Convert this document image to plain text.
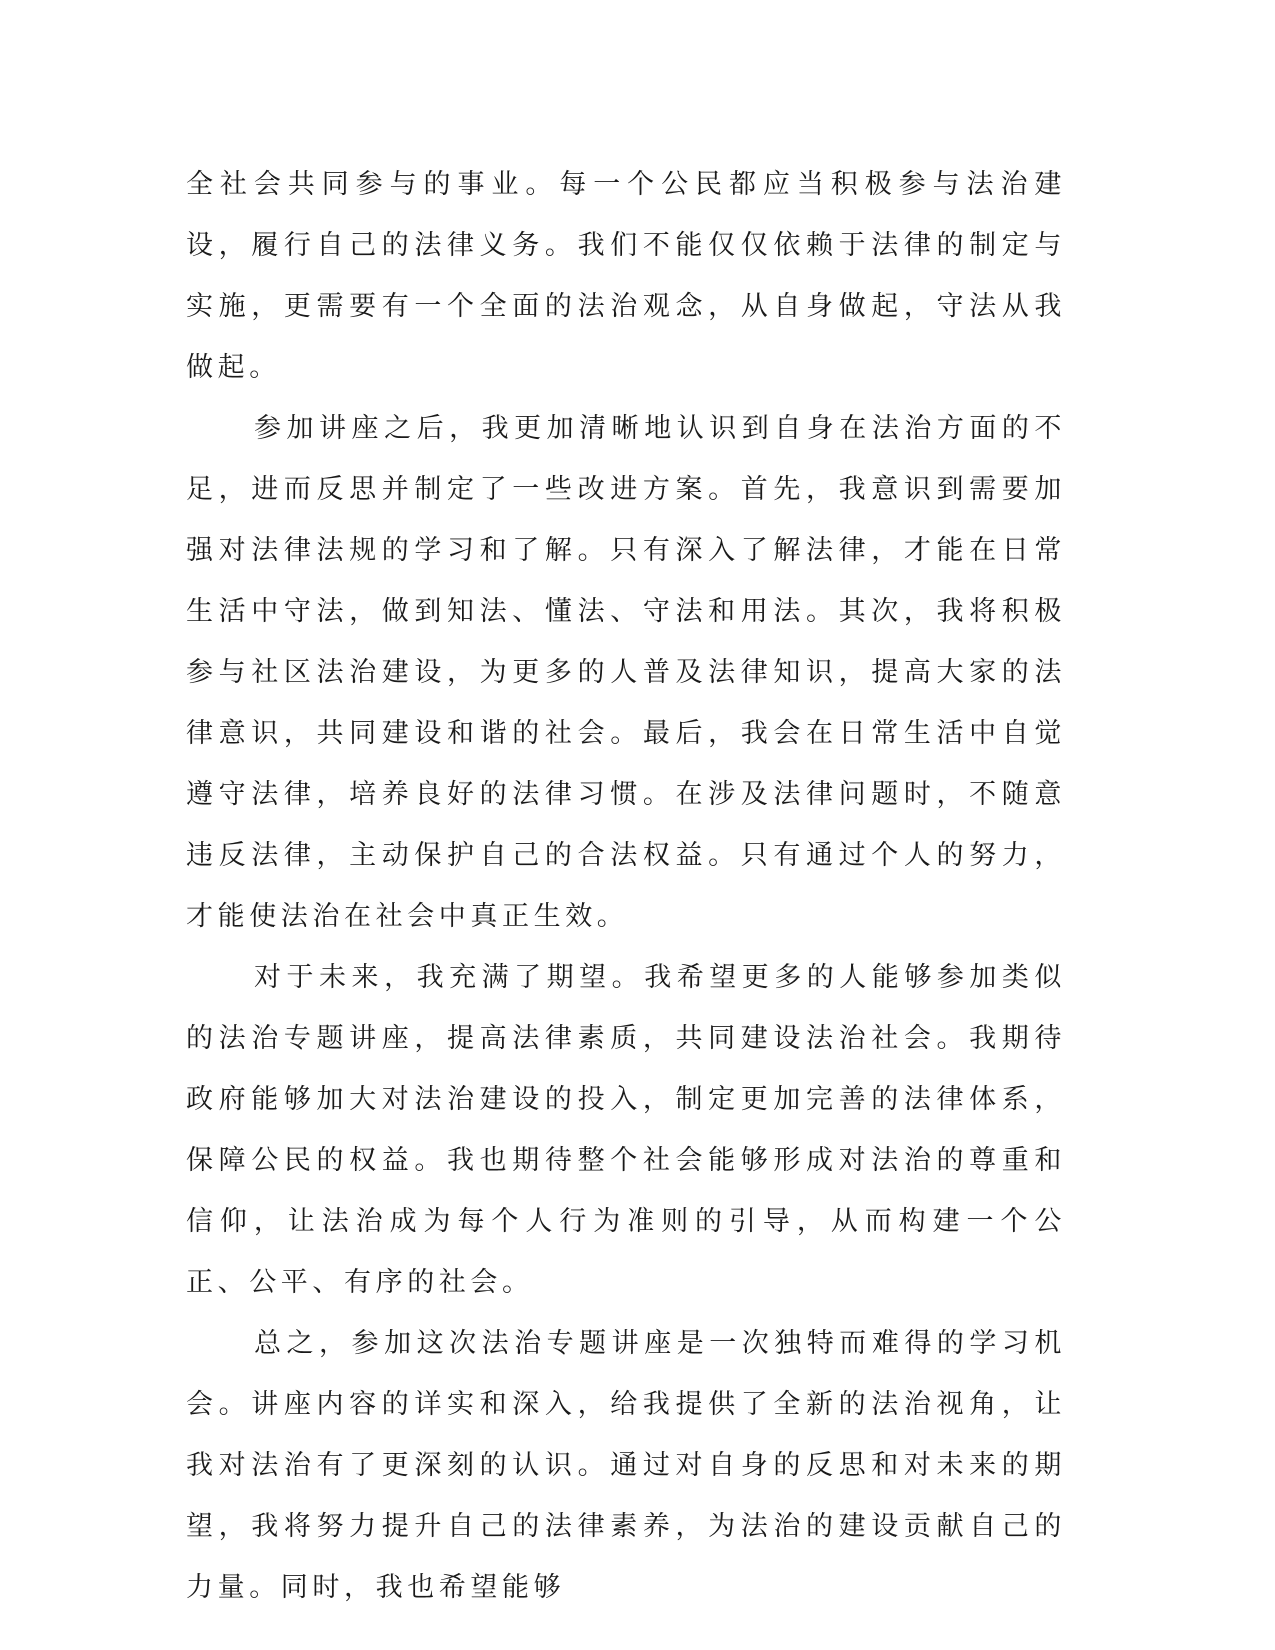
全社会共同参与的事业。每一个公民都应当积极参与法治建设，履行自己的法律义务。我们不能仅仅依赖于法律的制定与实施，更需要有一个全面的法治观念，从自身做起，守法从我做起。

参加讲座之后，我更加清晰地认识到自身在法治方面的不足，进而反思并制定了一些改进方案。首先，我意识到需要加强对法律法规的学习和了解。只有深入了解法律，才能在日常生活中守法，做到知法、懂法、守法和用法。其次，我将积极参与社区法治建设，为更多的人普及法律知识，提高大家的法律意识，共同建设和谐的社会。最后，我会在日常生活中自觉遵守法律，培养良好的法律习惯。在涉及法律问题时，不随意违反法律，主动保护自己的合法权益。只有通过个人的努力，才能使法治在社会中真正生效。

对于未来，我充满了期望。我希望更多的人能够参加类似的法治专题讲座，提高法律素质，共同建设法治社会。我期待政府能够加大对法治建设的投入，制定更加完善的法律体系，保障公民的权益。我也期待整个社会能够形成对法治的尊重和信仰，让法治成为每个人行为准则的引导，从而构建一个公正、公平、有序的社会。

总之，参加这次法治专题讲座是一次独特而难得的学习机会。讲座内容的详实和深入，给我提供了全新的法治视角，让我对法治有了更深刻的认识。通过对自身的反思和对未来的期望，我将努力提升自己的法律素养，为法治的建设贡献自己的力量。同时，我也希望能够
